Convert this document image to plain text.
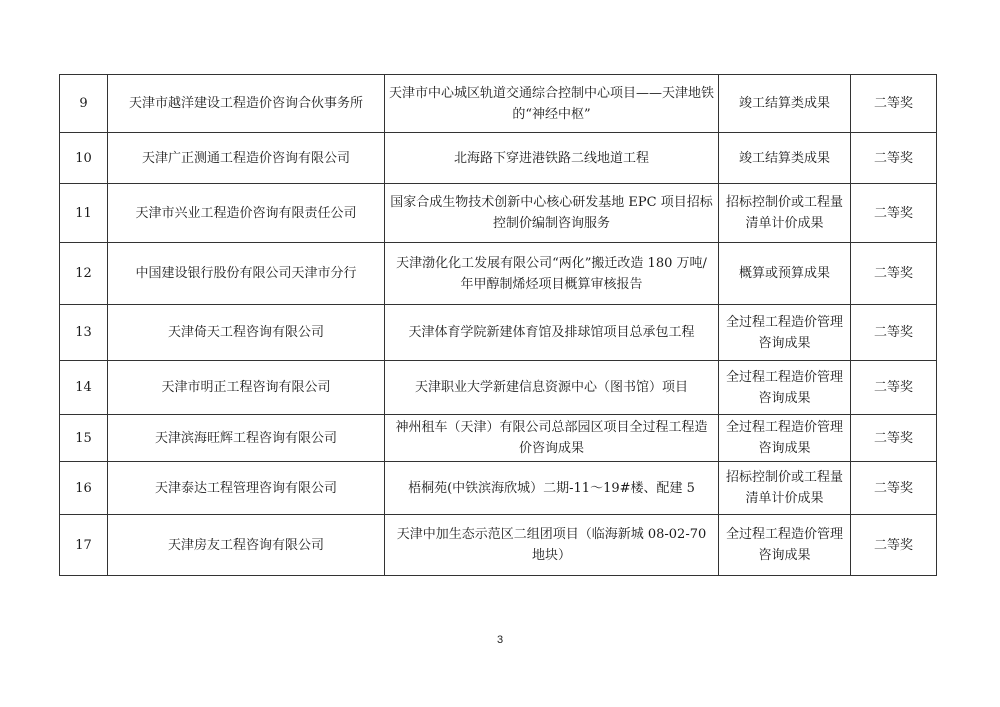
9	天津市越洋建设工程造价咨询合伙事务所	天津市中心城区轨道交通综合控制中心项目——天津地铁的“神经中枢”	竣工结算类成果	二等奖
10	天津广正测通工程造价咨询有限公司	北海路下穿进港铁路二线地道工程	竣工结算类成果	二等奖
11	天津市兴业工程造价咨询有限责任公司	国家合成生物技术创新中心核心研发基地 EPC 项目招标控制价编制咨询服务	招标控制价或工程量清单计价成果	二等奖
12	中国建设银行股份有限公司天津市分行	天津渤化化工发展有限公司“两化”搬迁改造 180 万吨/年甲醇制烯烃项目概算审核报告	概算或预算成果	二等奖
13	天津倚天工程咨询有限公司	天津体育学院新建体育馆及排球馆项目总承包工程	全过程工程造价管理咨询成果	二等奖
14	天津市明正工程咨询有限公司	天津职业大学新建信息资源中心（图书馆）项目	全过程工程造价管理咨询成果	二等奖
15	天津滨海旺辉工程咨询有限公司	神州租车（天津）有限公司总部园区项目全过程工程造价咨询成果	全过程工程造价管理咨询成果	二等奖
16	天津泰达工程管理咨询有限公司	梧桐苑(中铁滨海欣城）二期-11～19#楼、配建 5	招标控制价或工程量清单计价成果	二等奖
17	天津房友工程咨询有限公司	天津中加生态示范区二组团项目（临海新城 08-02-70 地块）	全过程工程造价管理咨询成果	二等奖
3
